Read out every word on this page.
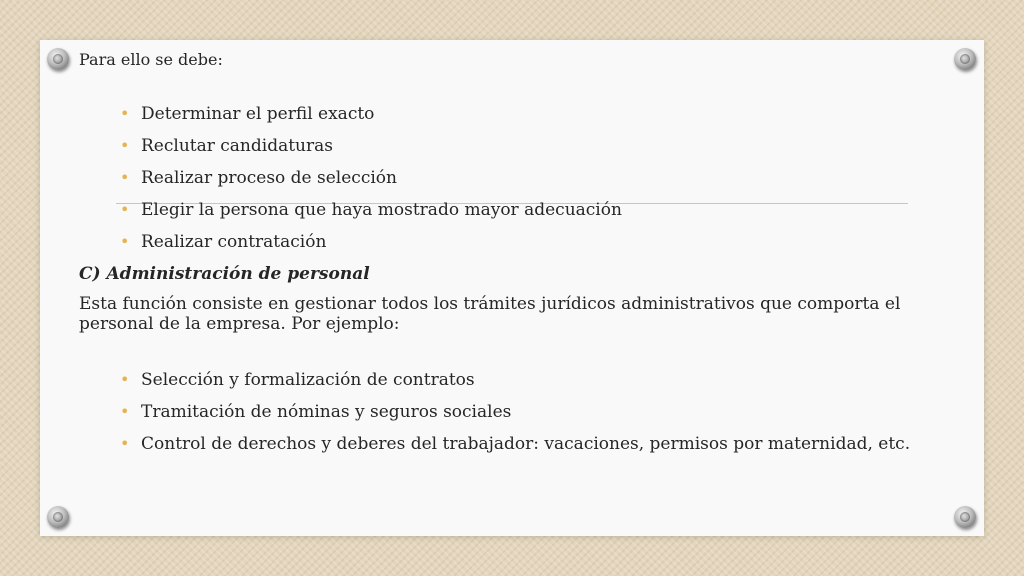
Para ello se debe:

• Determinar el perfil exacto
• Reclutar candidaturas
• Realizar proceso de selección
• Elegir la persona que haya mostrado mayor adecuación
• Realizar contratación

C) Administración de personal

Esta función consiste en gestionar todos los trámites jurídicos administrativos que comporta el personal de la empresa. Por ejemplo:

• Selección y formalización de contratos
• Tramitación de nóminas y seguros sociales
• Control de derechos y deberes del trabajador: vacaciones, permisos por maternidad, etc.
